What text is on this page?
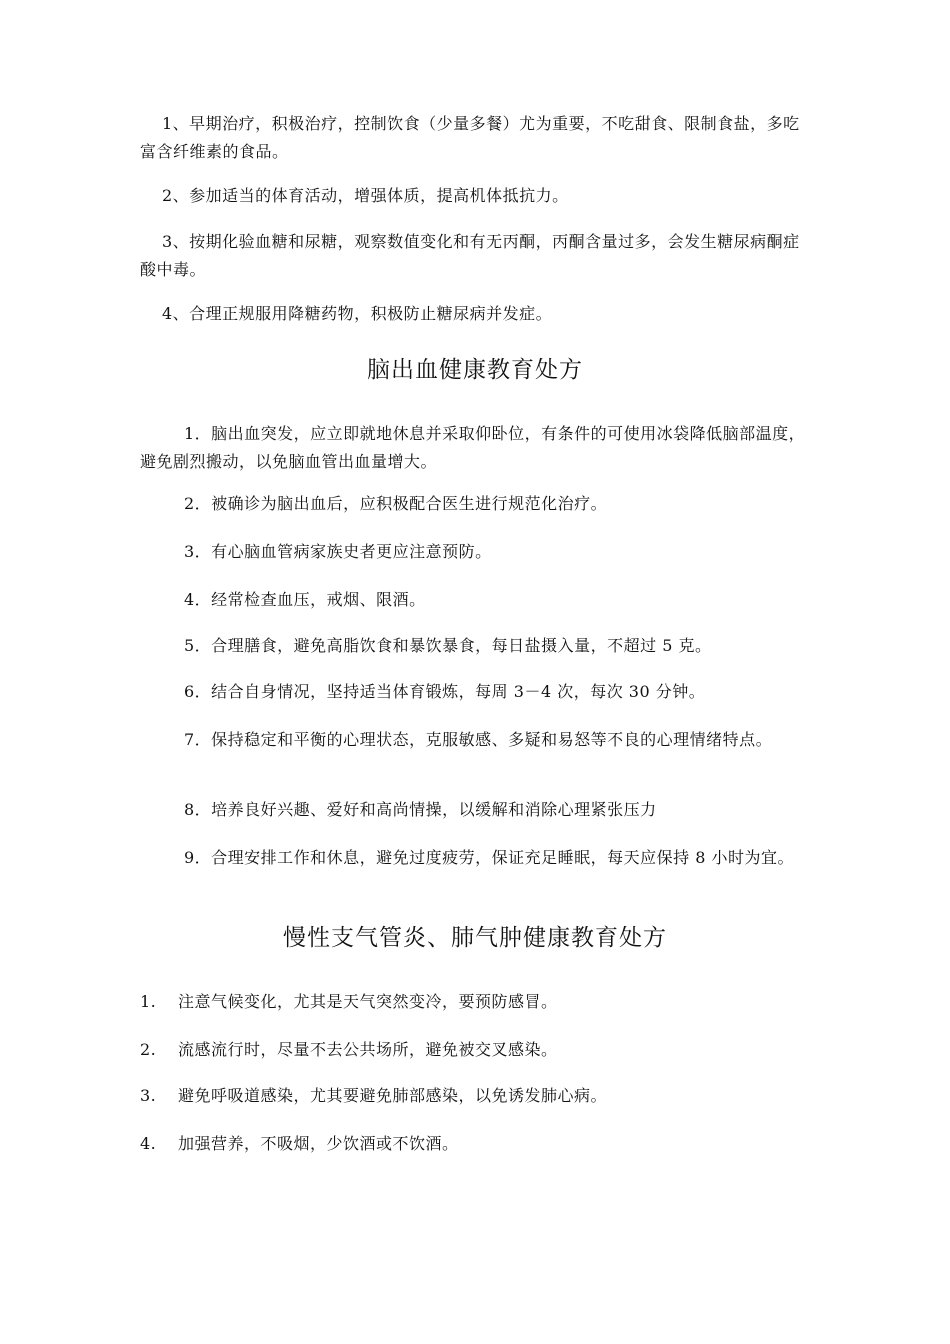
1、早期治疗，积极治疗，控制饮食（少量多餐）尤为重要，不吃甜食、限制食盐，多吃富含纤维素的食品。

2、参加适当的体育活动，增强体质，提高机体抵抗力。

3、按期化验血糖和尿糖，观察数值变化和有无丙酮，丙酮含量过多，会发生糖尿病酮症酸中毒。

4、合理正规服用降糖药物，积极防止糖尿病并发症。

脑出血健康教育处方

1．脑出血突发，应立即就地休息并采取仰卧位，有条件的可使用冰袋降低脑部温度，避免剧烈搬动，以免脑血管出血量增大。

2．被确诊为脑出血后，应积极配合医生进行规范化治疗。

3．有心脑血管病家族史者更应注意预防。

4．经常检查血压，戒烟、限酒。

5．合理膳食，避免高脂饮食和暴饮暴食，每日盐摄入量，不超过 5 克。

6．结合自身情况，坚持适当体育锻炼，每周 3－4 次，每次 30 分钟。

7．保持稳定和平衡的心理状态，克服敏感、多疑和易怒等不良的心理情绪特点。

8．培养良好兴趣、爱好和高尚情操，以缓解和消除心理紧张压力

9．合理安排工作和休息，避免过度疲劳，保证充足睡眠，每天应保持 8 小时为宜。

慢性支气管炎、肺气肿健康教育处方

1.	注意气候变化，尤其是天气突然变冷，要预防感冒。

2.	流感流行时，尽量不去公共场所，避免被交叉感染。

3.	避免呼吸道感染，尤其要避免肺部感染，以免诱发肺心病。

4.	加强营养，不吸烟，少饮酒或不饮酒。
